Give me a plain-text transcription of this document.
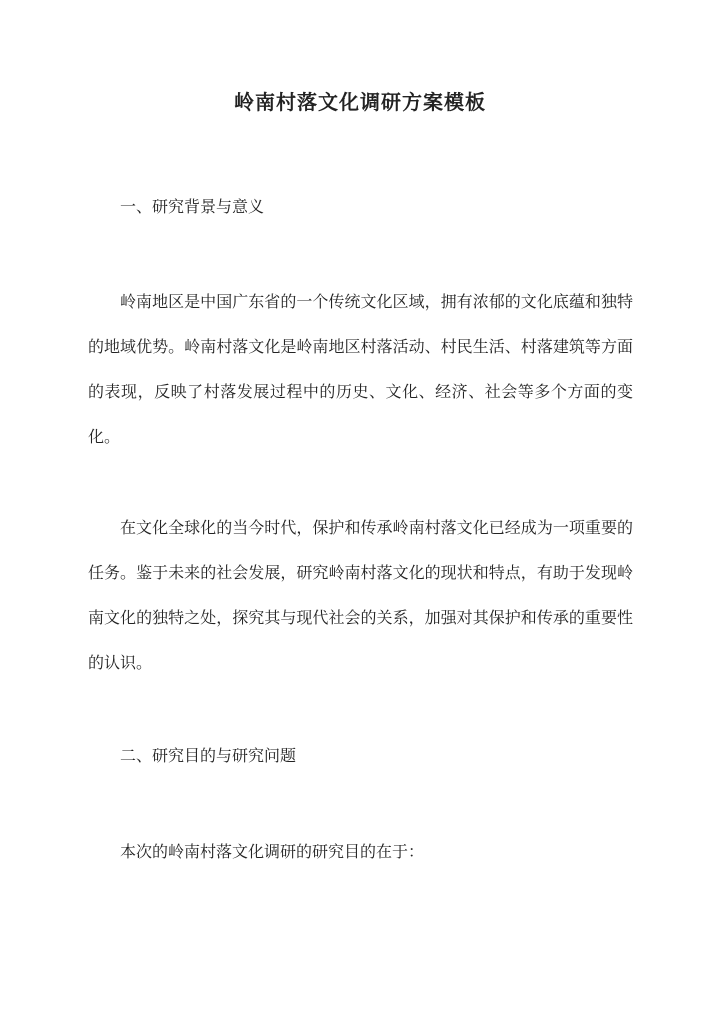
岭南村落文化调研方案模板
一、研究背景与意义

岭南地区是中国广东省的一个传统文化区域，拥有浓郁的文化底蕴和独特的地域优势。岭南村落文化是岭南地区村落活动、村民生活、村落建筑等方面的表现，反映了村落发展过程中的历史、文化、经济、社会等多个方面的变化。

在文化全球化的当今时代，保护和传承岭南村落文化已经成为一项重要的任务。鉴于未来的社会发展，研究岭南村落文化的现状和特点，有助于发现岭南文化的独特之处，探究其与现代社会的关系，加强对其保护和传承的重要性的认识。

二、研究目的与研究问题

本次的岭南村落文化调研的研究目的在于：
